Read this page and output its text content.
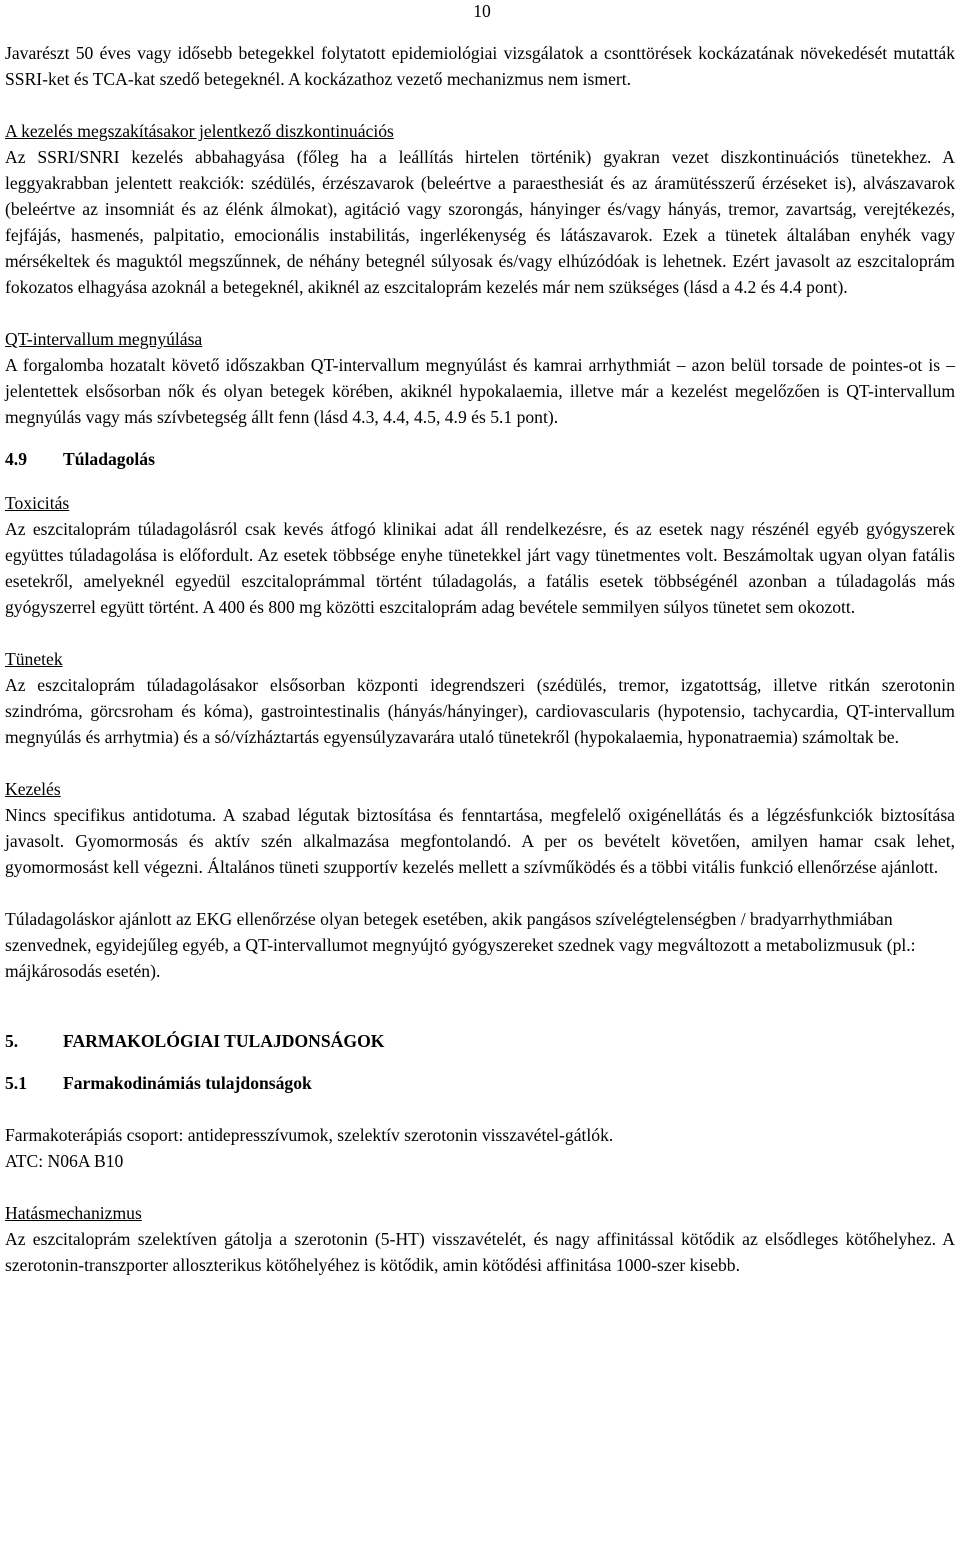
10

Javarészt 50 éves vagy idősebb betegekkel folytatott epidemiológiai vizsgálatok a csonttörések kockázatának növekedését mutatták SSRI-ket és TCA-kat szedő betegeknél. A kockázathoz vezető mechanizmus nem ismert.

A kezelés megszakításakor jelentkező diszkontinuációs

Az SSRI/SNRI kezelés abbahagyása (főleg ha a leállítás hirtelen történik) gyakran vezet diszkontinuációs tünetekhez. A leggyakrabban jelentett reakciók: szédülés, érzészavarok (beleértve a paraesthesiát és az áramütésszerű érzéseket is), alvászavarok (beleértve az insomniát és az élénk álmokat), agitáció vagy szorongás, hányinger és/vagy hányás, tremor, zavartság, verejtékezés, fejfájás, hasmenés, palpitatio, emocionális instabilitás, ingerlékenység és látászavarok. Ezek a tünetek általában enyhék vagy mérsékeltek és maguktól megszűnnek, de néhány betegnél súlyosak és/vagy elhúzódóak is lehetnek. Ezért javasolt az eszcitaloprám fokozatos elhagyása azoknál a betegeknél, akiknél az eszcitaloprám kezelés már nem szükséges (lásd a 4.2 és 4.4 pont).

QT-intervallum megnyúlása

A forgalomba hozatalt követő időszakban QT-intervallum megnyúlást és kamrai arrhythmiát – azon belül torsade de pointes-ot is – jelentettek elsősorban nők és olyan betegek körében, akiknél hypokalaemia, illetve már a kezelést megelőzően is QT-intervallum megnyúlás vagy más szívbetegség állt fenn (lásd 4.3, 4.4, 4.5, 4.9 és 5.1 pont).

4.9	Túladagolás

Toxicitás

Az eszcitaloprám túladagolásról csak kevés átfogó klinikai adat áll rendelkezésre, és az esetek nagy részénél egyéb gyógyszerek együttes túladagolása is előfordult. Az esetek többsége enyhe tünetekkel járt vagy tünetmentes volt. Beszámoltak ugyan olyan fatális esetekről, amelyeknél egyedül eszcitaloprámmal történt túladagolás, a fatális esetek többségénél azonban a túladagolás más gyógyszerrel együtt történt. A 400 és 800 mg közötti eszcitaloprám adag bevétele semmilyen súlyos tünetet sem okozott.

Tünetek

Az eszcitaloprám túladagolásakor elsősorban központi idegrendszeri (szédülés, tremor, izgatottság, illetve ritkán szerotonin szindróma, görcsroham és kóma), gastrointestinalis (hányás/hányinger), cardiovascularis (hypotensio, tachycardia, QT-intervallum megnyúlás és arrhytmia) és a só/vízháztartás egyensúlyzavarára utaló tünetekről (hypokalaemia, hyponatraemia) számoltak be.

Kezelés

Nincs specifikus antidotuma. A szabad légutak biztosítása és fenntartása, megfelelő oxigénellátás és a légzésfunkciók biztosítása javasolt. Gyomormosás és aktív szén alkalmazása megfontolandó. A per os bevételt követően, amilyen hamar csak lehet, gyomormosást kell végezni. Általános tüneti szupportív kezelés mellett a szívműködés és a többi vitális funkció ellenőrzése ajánlott.

Túladagoláskor ajánlott az EKG ellenőrzése olyan betegek esetében, akik pangásos szívelégtelenségben / bradyarrhythmiában szenvednek, egyidejűleg egyéb, a QT-intervallumot megnyújtó gyógyszereket szednek vagy megváltozott a metabolizmusuk (pl.: májkárosodás esetén).

5.	FARMAKOLÓGIAI TULAJDONSÁGOK
5.1	Farmakodinámiás tulajdonságok

Farmakoterápiás csoport: antidepresszívumok, szelektív szerotonin visszavétel-gátlók.

ATC: N06A B10

Hatásmechanizmus

Az eszcitaloprám szelektíven gátolja a szerotonin (5-HT) visszavételét, és nagy affinitással kötődik az elsődleges kötőhelyhez. A szerotonin-transzporter alloszterikus kötőhelyéhez is kötődik, amin kötődési affinitása 1000-szer kisebb.
